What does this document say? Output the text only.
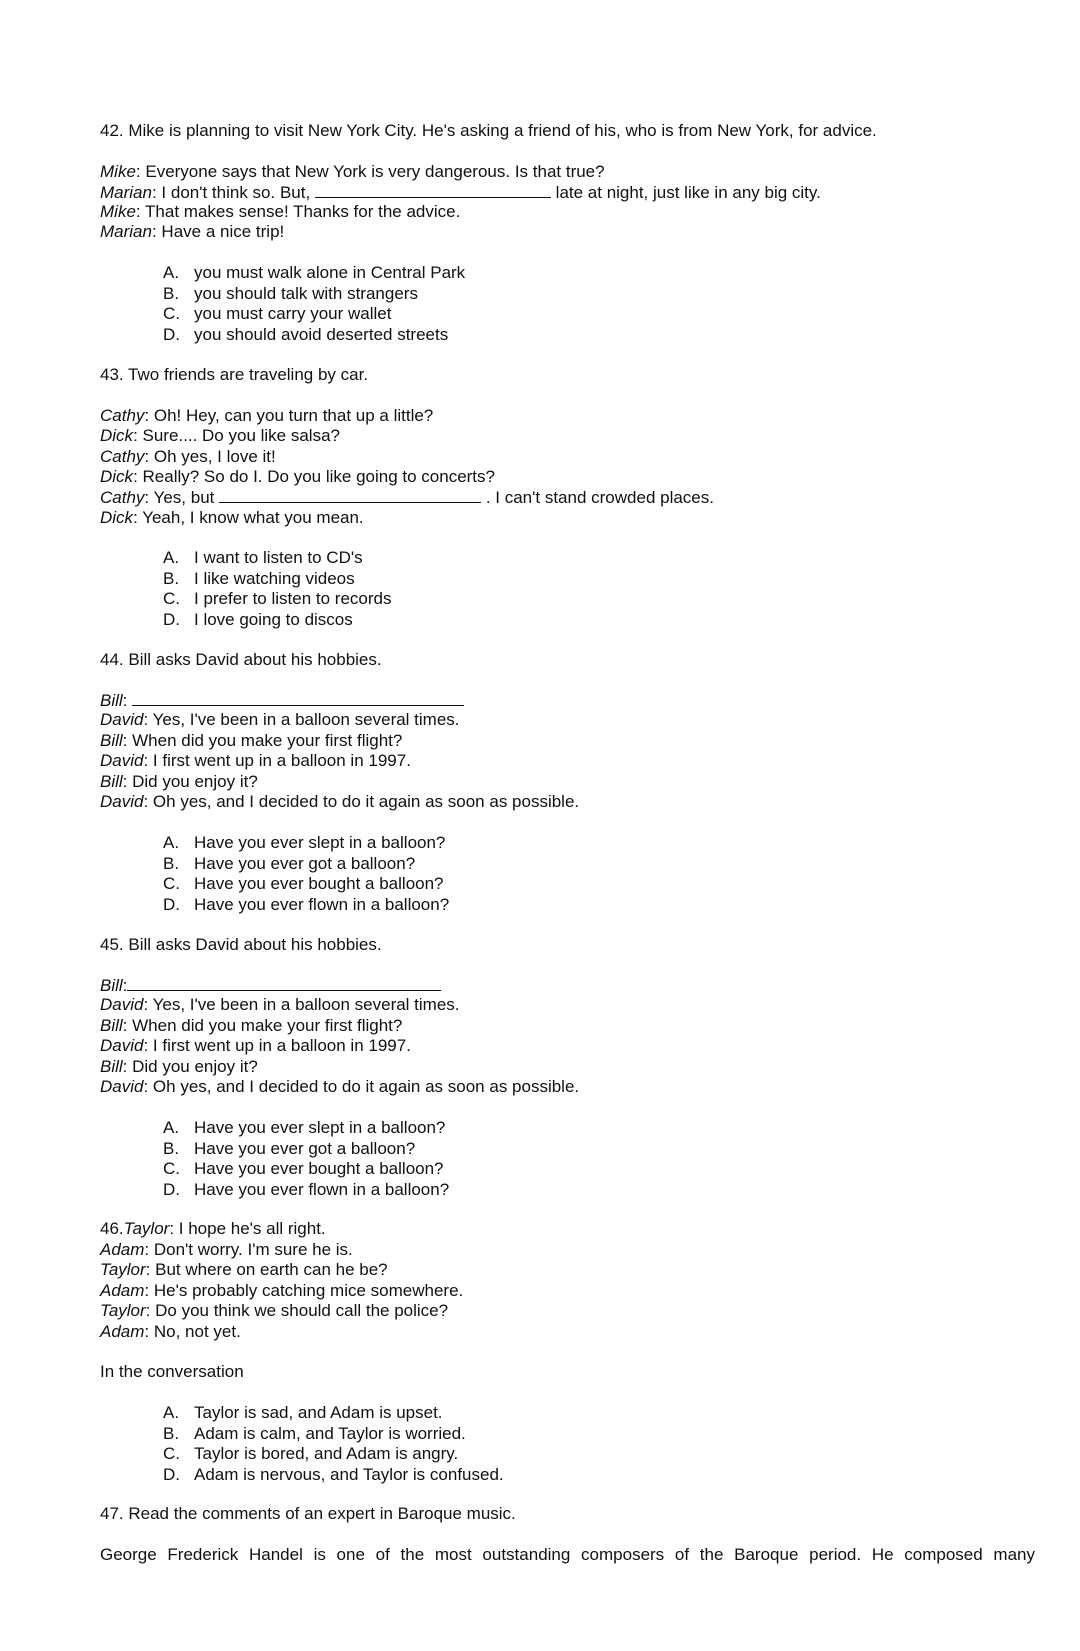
42. Mike is planning to visit New York City. He's asking a friend of his, who is from New York, for advice.
Mike: Everyone says that New York is very dangerous. Is that true?
Marian: I don't think so. But,	late at night, just like in any big city.
Mike: That makes sense! Thanks for the advice.
Marian: Have a nice trip!
A. you must walk alone in Central Park
B. you should talk with strangers
C. you must carry your wallet
D. you should avoid deserted streets
43. Two friends are traveling by car.
Cathy: Oh! Hey, can you turn that up a little?
Dick: Sure.... Do you like salsa?
Cathy: Oh yes, I love it!
Dick: Really? So do I. Do you like going to concerts?
Cathy: Yes, but	. I can't stand crowded places.
Dick: Yeah, I know what you mean.
A. I want to listen to CD's
B. I like watching videos
C. I prefer to listen to records
D. I love going to discos
44. Bill asks David about his hobbies.
Bill:
David: Yes, I've been in a balloon several times.
Bill: When did you make your first flight?
David: I first went up in a balloon in 1997.
Bill: Did you enjoy it?
David: Oh yes, and I decided to do it again as soon as possible.
A. Have you ever slept in a balloon?
B. Have you ever got a balloon?
C. Have you ever bought a balloon?
D. Have you ever flown in a balloon?
45. Bill asks David about his hobbies.
Bill:
David: Yes, I've been in a balloon several times.
Bill: When did you make your first flight?
David: I first went up in a balloon in 1997.
Bill: Did you enjoy it?
David: Oh yes, and I decided to do it again as soon as possible.
A. Have you ever slept in a balloon?
B. Have you ever got a balloon?
C. Have you ever bought a balloon?
D. Have you ever flown in a balloon?
46.Taylor: I hope he's all right.
Adam: Don't worry. I'm sure he is.
Taylor: But where on earth can he be?
Adam: He's probably catching mice somewhere.
Taylor: Do you think we should call the police?
Adam: No, not yet.
In the conversation
A. Taylor is sad, and Adam is upset.
B. Adam is calm, and Taylor is worried.
C. Taylor is bored, and Adam is angry.
D. Adam is nervous, and Taylor is confused.
47. Read the comments of an expert in Baroque music.
George Frederick Handel is one of the most outstanding composers of the Baroque period. He composed many
